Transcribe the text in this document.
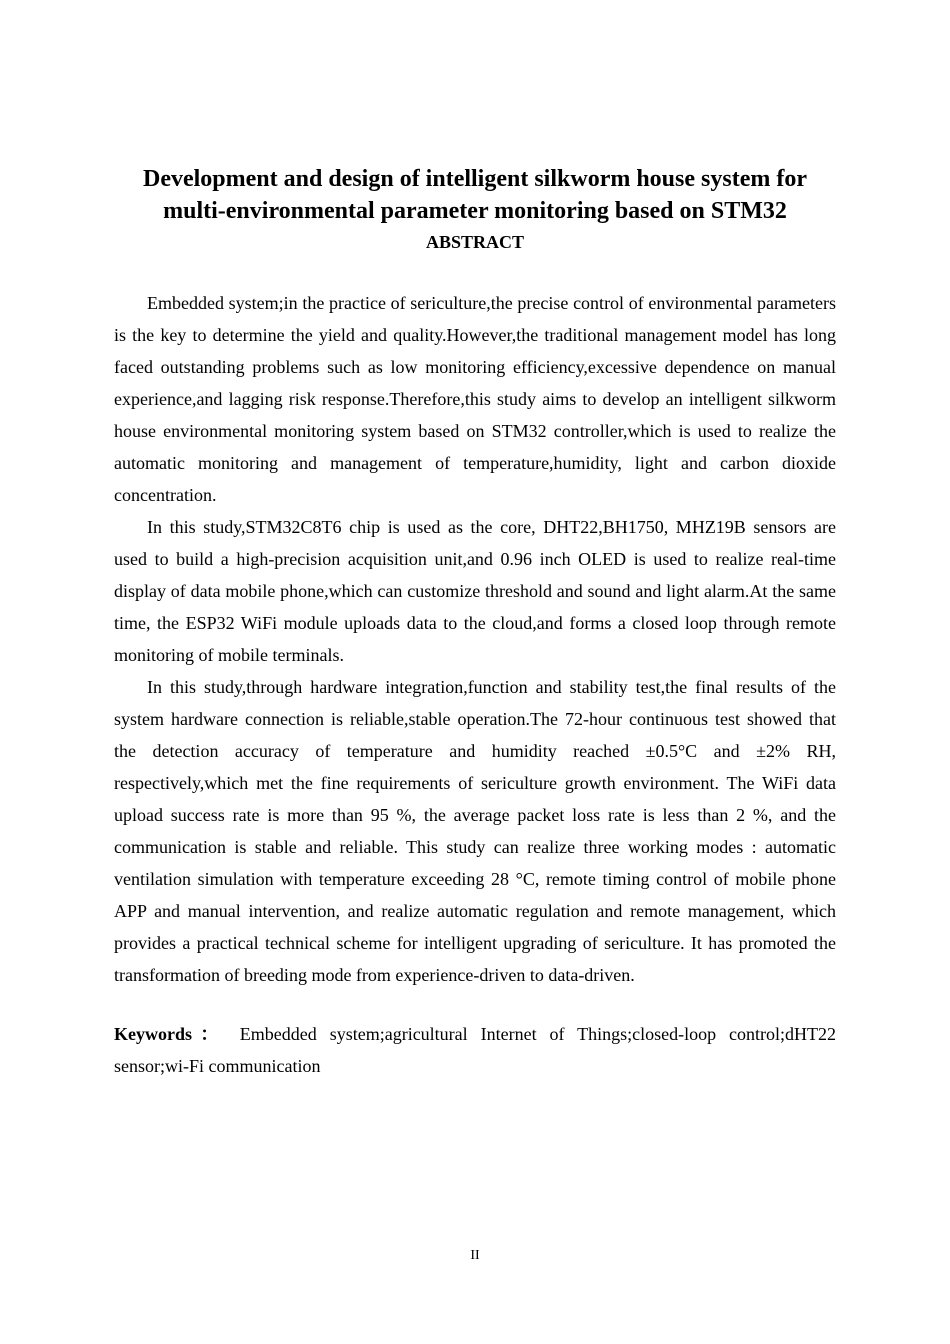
Development and design of intelligent silkworm house system for

multi-environmental parameter monitoring based on STM32

ABSTRACT

Embedded system;in the practice of sericulture,the precise control of environmental parameters is the key to determine the yield and quality.However,the traditional management model has long faced outstanding problems such as low monitoring efficiency,excessive dependence on manual experience,and lagging risk response.Therefore,this study aims to develop an intelligent silkworm house environmental monitoring system based on STM32 controller,which is used to realize the automatic monitoring and management of temperature,humidity, light and carbon dioxide concentration.

In this study,STM32C8T6 chip is used as the core, DHT22,BH1750, MHZ19B sensors are used to build a high-precision acquisition unit,and 0.96 inch OLED is used to realize real-time display of data mobile phone,which can customize threshold and sound and light alarm.At the same time, the ESP32 WiFi module uploads data to the cloud,and forms a closed loop through remote monitoring of mobile terminals.

In this study,through hardware integration,function and stability test,the final results of the system hardware connection is reliable,stable operation.The 72-hour continuous test showed that the detection accuracy of temperature and humidity reached ±0.5°C and ±2% RH, respectively,which met the fine requirements of sericulture growth environment. The WiFi data upload success rate is more than 95 %, the average packet loss rate is less than 2 %, and the communication is stable and reliable. This study can realize three working modes : automatic ventilation simulation with temperature exceeding 28 °C, remote timing control of mobile phone APP and manual intervention, and realize automatic regulation and remote management, which provides a practical technical scheme for intelligent upgrading of sericulture. It has promoted the transformation of breeding mode from experience-driven to data-driven.

Keywords： Embedded system;agricultural Internet of Things;closed-loop control;dHT22 sensor;wi-Fi communication

II
